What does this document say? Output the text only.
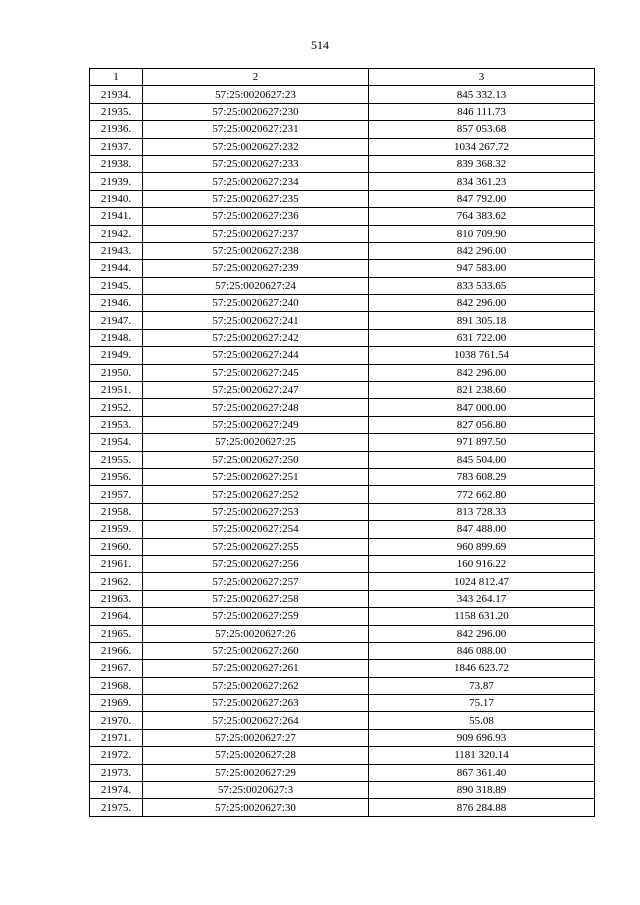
514
1	2	3
21934.	57:25:0020627:23	845 332.13
21935.	57:25:0020627:230	846 111.73
21936.	57:25:0020627:231	857 053.68
21937.	57:25:0020627:232	1034 267.72
21938.	57:25:0020627:233	839 368.32
21939.	57:25:0020627:234	834 361.23
21940.	57:25:0020627:235	847 792.00
21941.	57:25:0020627:236	764 383.62
21942.	57:25:0020627:237	810 709.90
21943.	57:25:0020627:238	842 296.00
21944.	57:25:0020627:239	947 583.00
21945.	57:25:0020627:24	833 533.65
21946.	57:25:0020627:240	842 296.00
21947.	57:25:0020627:241	891 305.18
21948.	57:25:0020627:242	631 722.00
21949.	57:25:0020627:244	1038 761.54
21950.	57:25:0020627:245	842 296.00
21951.	57:25:0020627:247	821 238.60
21952.	57:25:0020627:248	847 000.00
21953.	57:25:0020627:249	827 056.80
21954.	57:25:0020627:25	971 897.50
21955.	57:25:0020627:250	845 504.00
21956.	57:25:0020627:251	783 608.29
21957.	57:25:0020627:252	772 662.80
21958.	57:25:0020627:253	813 728.33
21959.	57:25:0020627:254	847 488.00
21960.	57:25:0020627:255	960 899.69
21961.	57:25:0020627:256	160 916.22
21962.	57:25:0020627:257	1024 812.47
21963.	57:25:0020627:258	343 264.17
21964.	57:25:0020627:259	1158 631.20
21965.	57:25:0020627:26	842 296.00
21966.	57:25:0020627:260	846 088.00
21967.	57:25:0020627:261	1846 623.72
21968.	57:25:0020627:262	73.87
21969.	57:25:0020627:263	75.17
21970.	57:25:0020627:264	55.08
21971.	57:25:0020627:27	909 696.93
21972.	57:25:0020627:28	1181 320.14
21973.	57:25:0020627:29	867 361.40
21974.	57:25:0020627:3	890 318.89
21975.	57:25:0020627:30	876 284.88
